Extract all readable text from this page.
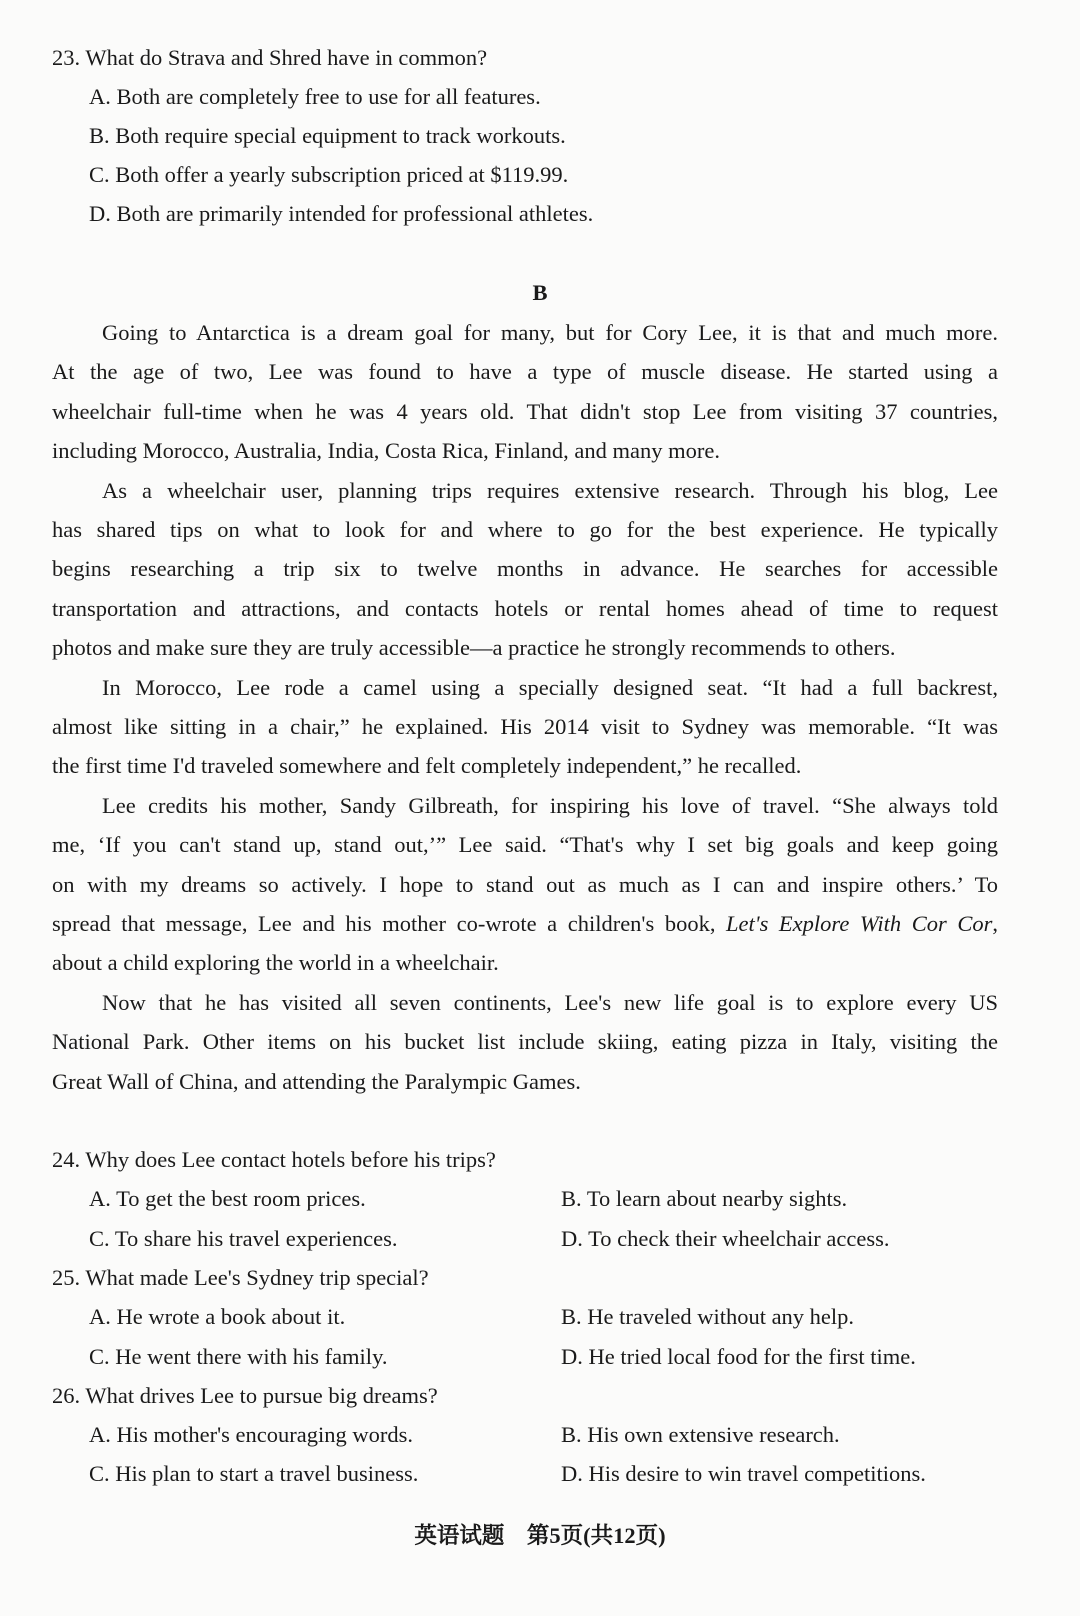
23. What do Strava and Shred have in common?
A. Both are completely free to use for all features.
B. Both require special equipment to track workouts.
C. Both offer a yearly subscription priced at $119.99.
D. Both are primarily intended for professional athletes.
B
Going to Antarctica is a dream goal for many, but for Cory Lee, it is that and much more.
At the age of two, Lee was found to have a type of muscle disease. He started using a
wheelchair full-time when he was 4 years old. That didn't stop Lee from visiting 37 countries,
including Morocco, Australia, India, Costa Rica, Finland, and many more.
As a wheelchair user, planning trips requires extensive research. Through his blog, Lee
has shared tips on what to look for and where to go for the best experience. He typically
begins researching a trip six to twelve months in advance. He searches for accessible
transportation and attractions, and contacts hotels or rental homes ahead of time to request
photos and make sure they are truly accessible—a practice he strongly recommends to others.
In Morocco, Lee rode a camel using a specially designed seat. “It had a full backrest,
almost like sitting in a chair,” he explained. His 2014 visit to Sydney was memorable. “It was
the first time I'd traveled somewhere and felt completely independent,” he recalled.
Lee credits his mother, Sandy Gilbreath, for inspiring his love of travel. “She always told
me, ‘If you can't stand up, stand out,’” Lee said. “That's why I set big goals and keep going
on with my dreams so actively. I hope to stand out as much as I can and inspire others.’ To
spread that message, Lee and his mother co-wrote a children's book, Let's Explore With Cor Cor,
about a child exploring the world in a wheelchair.
Now that he has visited all seven continents, Lee's new life goal is to explore every US
National Park. Other items on his bucket list include skiing, eating pizza in Italy, visiting the
Great Wall of China, and attending the Paralympic Games.
24. Why does Lee contact hotels before his trips?
A. To get the best room prices.	B. To learn about nearby sights.
C. To share his travel experiences.	D. To check their wheelchair access.
25. What made Lee's Sydney trip special?
A. He wrote a book about it.	B. He traveled without any help.
C. He went there with his family.	D. He tried local food for the first time.
26. What drives Lee to pursue big dreams?
A. His mother's encouraging words.	B. His own extensive research.
C. His plan to start a travel business.	D. His desire to win travel competitions.
英语试题　第5页(共12页)
